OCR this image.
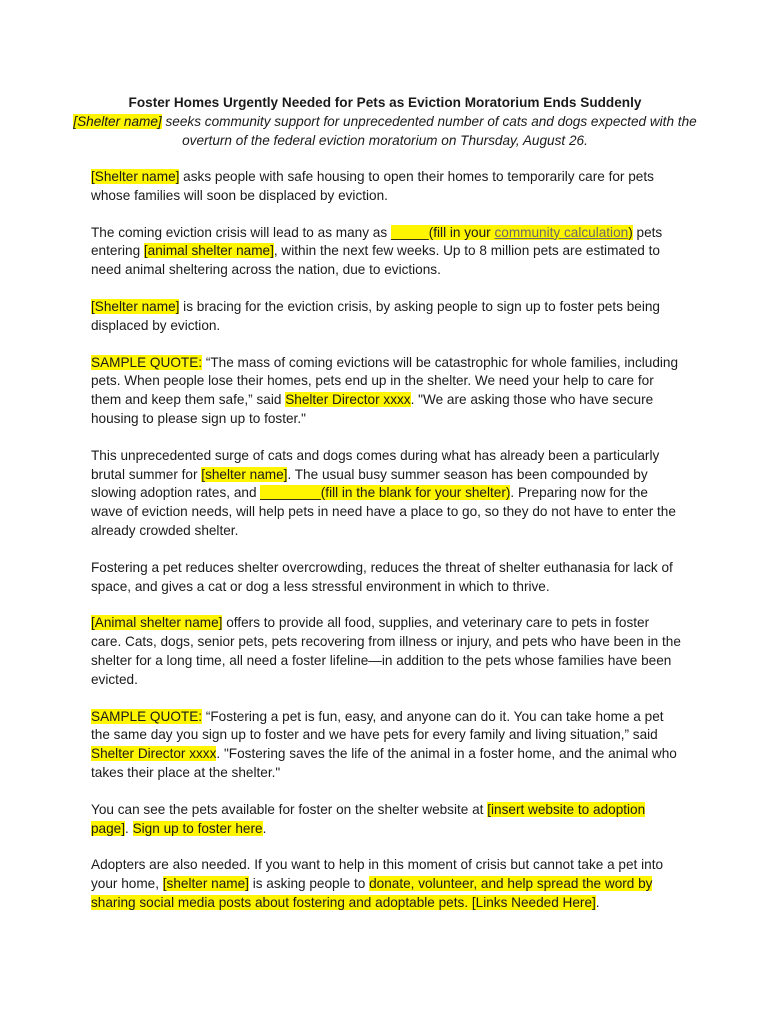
Foster Homes Urgently Needed for Pets as Eviction Moratorium Ends Suddenly
[Shelter name] seeks community support for unprecedented number of cats and dogs expected with the overturn of the federal eviction moratorium on Thursday, August 26.

[Shelter name] asks people with safe housing to open their homes to temporarily care for pets whose families will soon be displaced by eviction.

The coming eviction crisis will lead to as many as _____(fill in your community calculation) pets entering [animal shelter name], within the next few weeks. Up to 8 million pets are estimated to need animal sheltering across the nation, due to evictions.

[Shelter name] is bracing for the eviction crisis, by asking people to sign up to foster pets being displaced by eviction.

SAMPLE QUOTE: “The mass of coming evictions will be catastrophic for whole families, including pets. When people lose their homes, pets end up in the shelter. We need your help to care for them and keep them safe,” said Shelter Director xxxx. "We are asking those who have secure housing to please sign up to foster."

This unprecedented surge of cats and dogs comes during what has already been a particularly brutal summer for [shelter name]. The usual busy summer season has been compounded by slowing adoption rates, and ________(fill in the blank for your shelter). Preparing now for the wave of eviction needs, will help pets in need have a place to go, so they do not have to enter the already crowded shelter.

Fostering a pet reduces shelter overcrowding, reduces the threat of shelter euthanasia for lack of space, and gives a cat or dog a less stressful environment in which to thrive.

[Animal shelter name] offers to provide all food, supplies, and veterinary care to pets in foster care. Cats, dogs, senior pets, pets recovering from illness or injury, and pets who have been in the shelter for a long time, all need a foster lifeline—in addition to the pets whose families have been evicted.

SAMPLE QUOTE: “Fostering a pet is fun, easy, and anyone can do it. You can take home a pet the same day you sign up to foster and we have pets for every family and living situation,” said Shelter Director xxxx. "Fostering saves the life of the animal in a foster home, and the animal who takes their place at the shelter."

You can see the pets available for foster on the shelter website at [insert website to adoption page]. Sign up to foster here.

Adopters are also needed. If you want to help in this moment of crisis but cannot take a pet into your home, [shelter name] is asking people to donate, volunteer, and help spread the word by sharing social media posts about fostering and adoptable pets. [Links Needed Here].
